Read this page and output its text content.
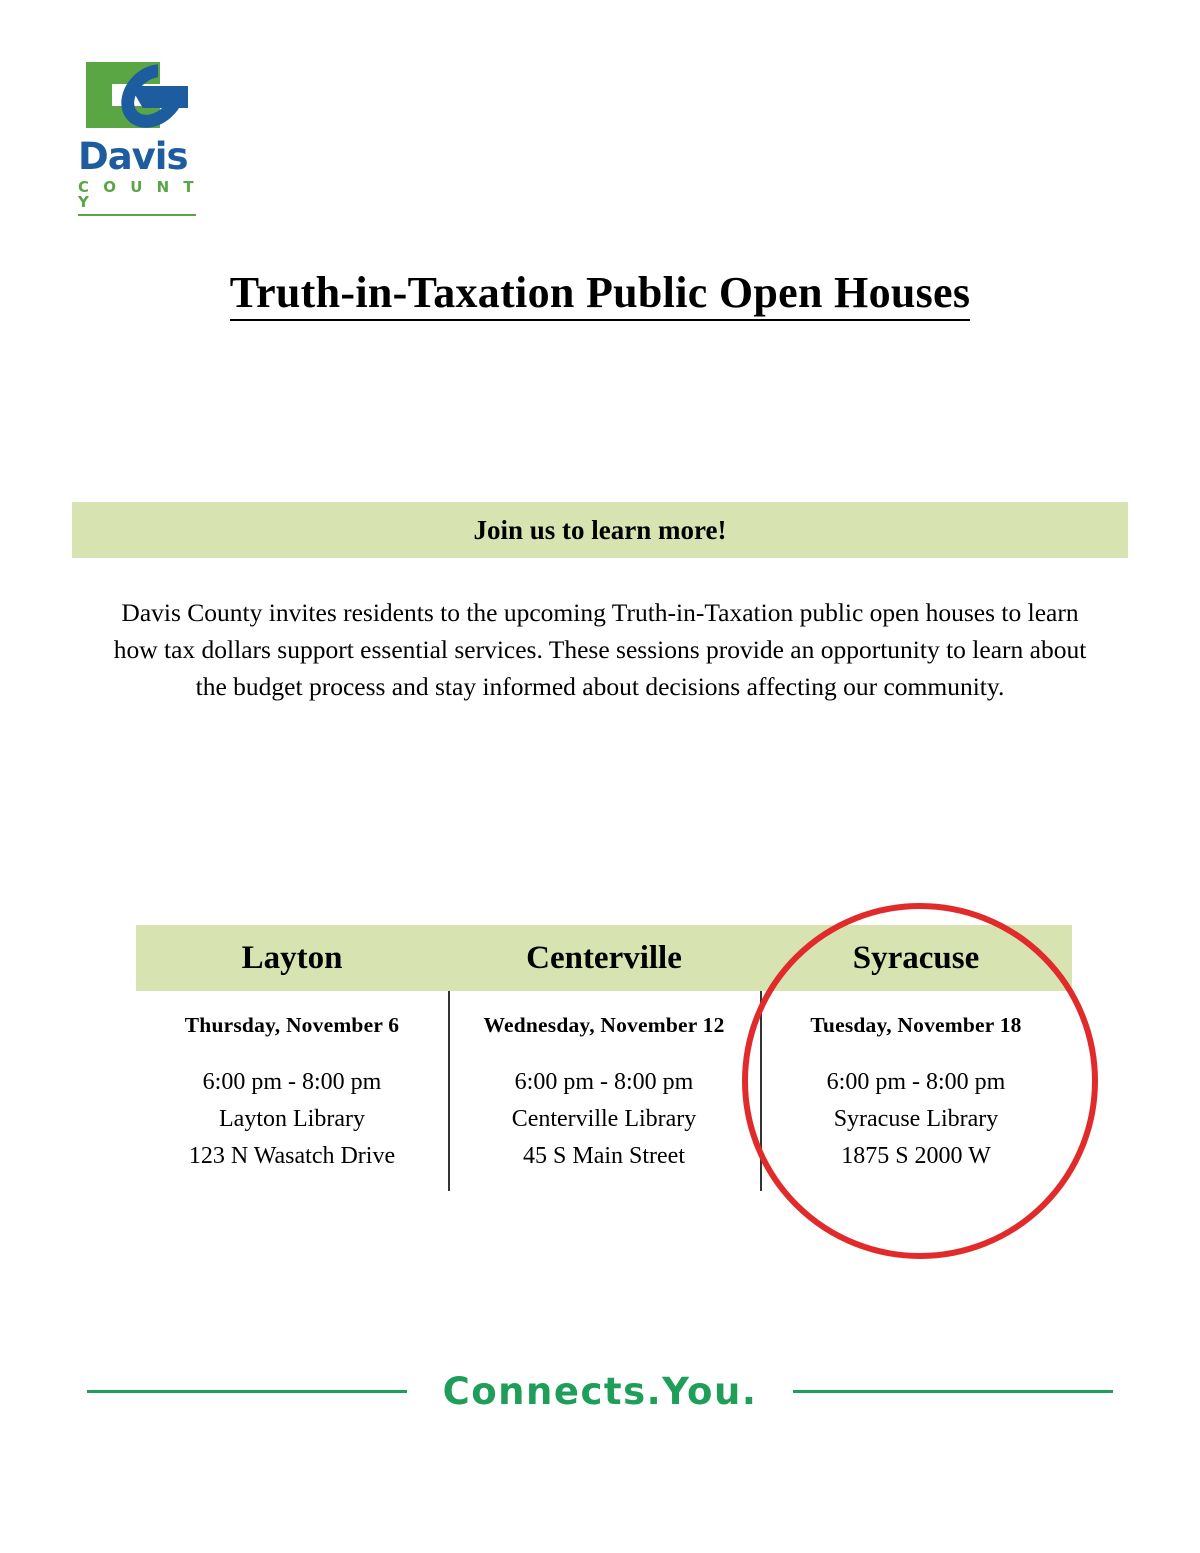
Davis
C O U N T Y
Truth-in-Taxation Public Open Houses
Join us to learn more!

Davis County invites residents to the upcoming Truth-in-Taxation public open houses to learn how tax dollars support essential services. These sessions provide an opportunity to learn about the budget process and stay informed about decisions affecting our community.

Layton	Centerville	Syracuse
Thursday, November 6
6:00 pm - 8:00 pm
Layton Library
123 N Wasatch Drive
Wednesday, November 12
6:00 pm - 8:00 pm
Centerville Library
45 S Main Street
Tuesday, November 18
6:00 pm - 8:00 pm
Syracuse Library
1875 S 2000 W
Connects.You.
